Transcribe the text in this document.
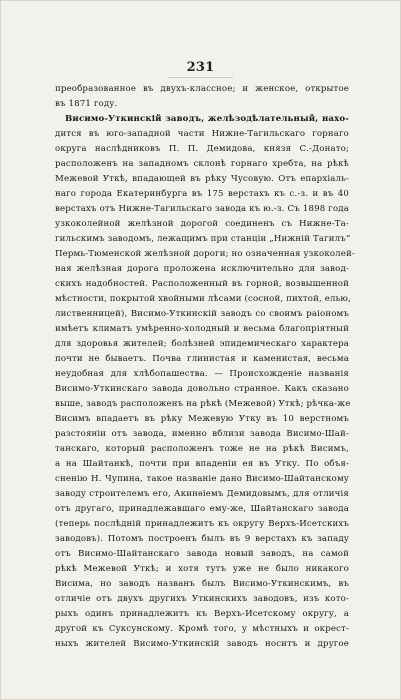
231
преобразованное въ двухъ-классное; и женское, открытое
въ 1871 году.
Висимо-Уткинскій заводъ, желѣзодѣлательный, нахо-
дится въ юго-западной части Нижне-Тагильскаго горнаго
округа наслѣдниковъ П. П. Демидова, князя С.-Донато;
расположенъ на западномъ склонѣ горнаго хребта, на рѣкѣ
Межевой Уткѣ, впадающей въ рѣку Чусовую. Отъ епархіаль-
наго города Екатеринбурга въ 175 верстахъ къ с.-з. и въ 40
верстахъ отъ Нижне-Тагильскаго завода къ ю.-з. Съ 1898 года
узкоколейной желѣзной дорогой соединенъ съ Нижне-Та-
гильскимъ заводомъ, лежащимъ при станціи „Нижній Тагилъ“
Пермь-Тюменской желѣзной дороги; но означенная узкоколей-
ная желѣзная дорога проложена исключительно для завод-
скихъ надобностей. Расположенный въ горной, возвышенной
мѣстности, покрытой хвойными лѣсами (сосной, пихтой, елью,
лиственницей), Висимо-Уткинскій заводъ со своимъ раіономъ
имѣетъ климатъ умѣренно-холодный и весьма благопріятный
для здоровья жителей; болѣзней эпидемическаго характера
почти не бываетъ. Почва глинистая и каменистая, весьма
неудобная для хлѣбопашества. — Происхожденіе названія
Висимо-Уткинскаго завода довольно странное. Какъ сказано
выше, заводъ расположенъ на рѣкѣ (Межевой) Уткѣ; рѣчка-же
Висимъ впадаетъ въ рѣку Межевую Утку въ 10 верстномъ
разстояніи отъ завода, именно вблизи завода Висимо-Шай-
танскаго, который расположенъ тоже не на рѣкѣ Висимъ,
а на Шайтанкѣ, почти при впаденіи ея въ Утку. По объя-
сненію Н. Чупина, такое названіе дано Висимо-Шайтанскому
заводу строителемъ его, Акинѳіемъ Демидовымъ, для отличія
отъ другаго, принадлежавшаго ему-же, Шайтанскаго завода
(теперь послѣдній принадлежитъ къ округу Верхъ-Исетскихъ
заводовъ). Потомъ построенъ былъ въ 9 верстахъ къ западу
отъ Висимо-Шайтанскаго завода новый заводъ, на самой
рѣкѣ Межевой Уткѣ; и хотя тутъ уже не было никакого
Висима, но заводъ названъ былъ Висимо-Уткинскимъ, въ
отличіе отъ двухъ другихъ Уткинскихъ заводовъ, изъ кото-
рыхъ одинъ принадлежитъ къ Верхъ-Исетскому округу, а
другой къ Суксунскому. Кромѣ того, у мѣстныхъ и окрест-
ныхъ жителей Висимо-Уткинскій заводъ носитъ и другое
